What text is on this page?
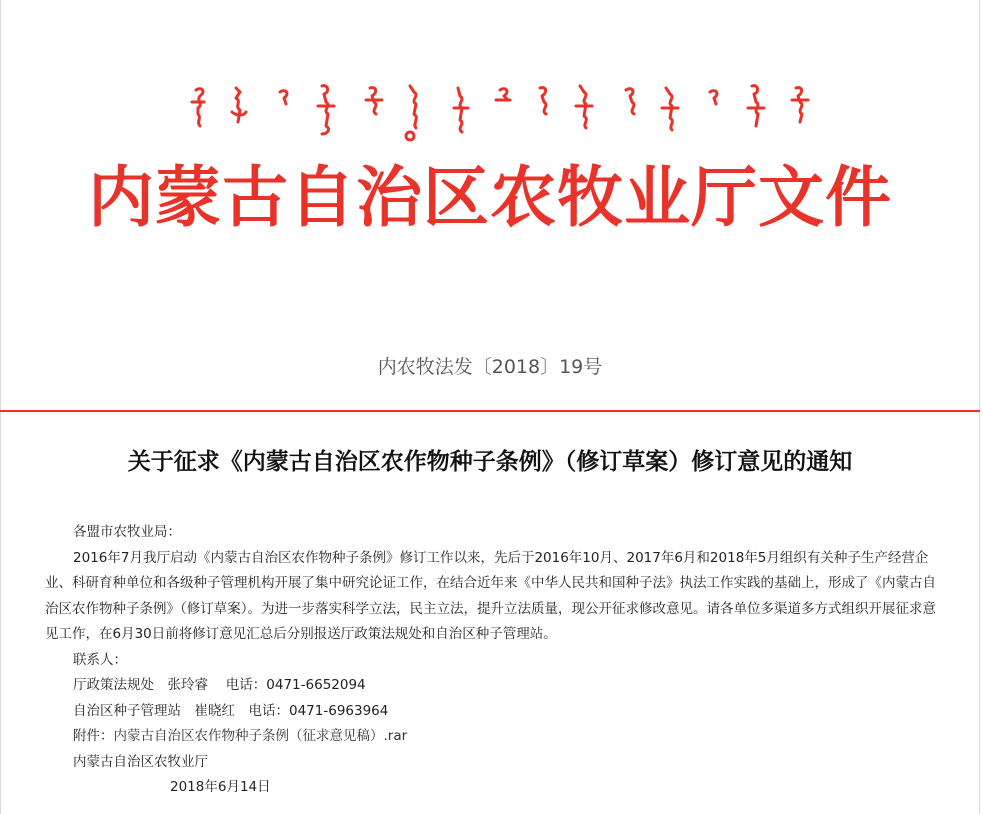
内蒙古自治区农牧业厅文件
内农牧法发〔2018〕19号
关于征求《内蒙古自治区农作物种子条例》（修订草案）修订意见的通知

各盟市农牧业局：

2016年7月我厅启动《内蒙古自治区农作物种子条例》修订工作以来，先后于2016年10月、2017年6月和2018年5月组织有关种子生产经营企业、科研育种单位和各级种子管理机构开展了集中研究论证工作，在结合近年来《中华人民共和国种子法》执法工作实践的基础上，形成了《内蒙古自治区农作物种子条例》（修订草案）。为进一步落实科学立法，民主立法，提升立法质量，现公开征求修改意见。请各单位多渠道多方式组织开展征求意见工作，在6月30日前将修订意见汇总后分别报送厅政策法规处和自治区种子管理站。

联系人：

厅政策法规处　张玲睿　 电话：0471-6652094

自治区种子管理站　崔晓红　电话：0471-6963964

附件：内蒙古自治区农作物种子条例（征求意见稿）.rar

内蒙古自治区农牧业厅

2018年6月14日
